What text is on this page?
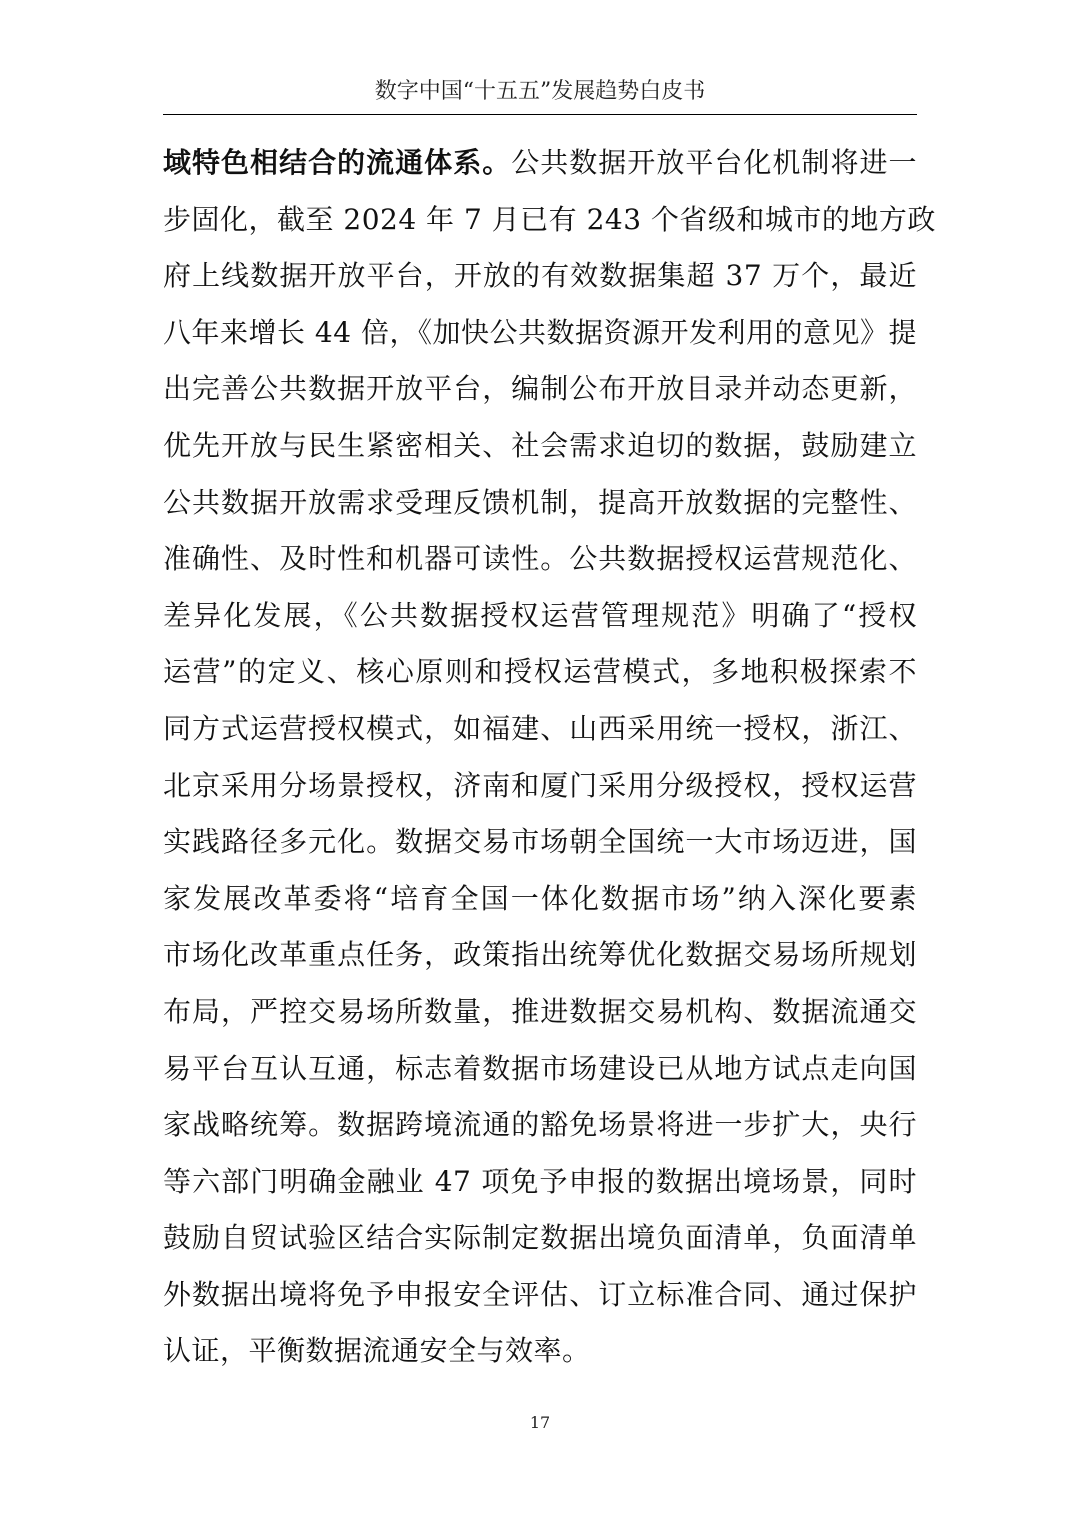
数字中国“十五五”发展趋势白皮书
域特色相结合的流通体系。公共数据开放平台化机制将进一
步固化，截至 2024 年 7 月已有 243 个省级和城市的地方政
府上线数据开放平台，开放的有效数据集超 37 万个，最近
八年来增长 44 倍，《加快公共数据资源开发利用的意见》提
出完善公共数据开放平台，编制公布开放目录并动态更新，
优先开放与民生紧密相关、社会需求迫切的数据，鼓励建立
公共数据开放需求受理反馈机制，提高开放数据的完整性、
准确性、及时性和机器可读性。公共数据授权运营规范化、
差异化发展，《公共数据授权运营管理规范》明确了“授权
运营”的定义、核心原则和授权运营模式，多地积极探索不
同方式运营授权模式，如福建、山西采用统一授权，浙江、
北京采用分场景授权，济南和厦门采用分级授权，授权运营
实践路径多元化。数据交易市场朝全国统一大市场迈进，国
家发展改革委将“培育全国一体化数据市场”纳入深化要素
市场化改革重点任务，政策指出统筹优化数据交易场所规划
布局，严控交易场所数量，推进数据交易机构、数据流通交
易平台互认互通，标志着数据市场建设已从地方试点走向国
家战略统筹。数据跨境流通的豁免场景将进一步扩大，央行
等六部门明确金融业 47 项免予申报的数据出境场景，同时
鼓励自贸试验区结合实际制定数据出境负面清单，负面清单
外数据出境将免予申报安全评估、订立标准合同、通过保护
认证，平衡数据流通安全与效率。
17
